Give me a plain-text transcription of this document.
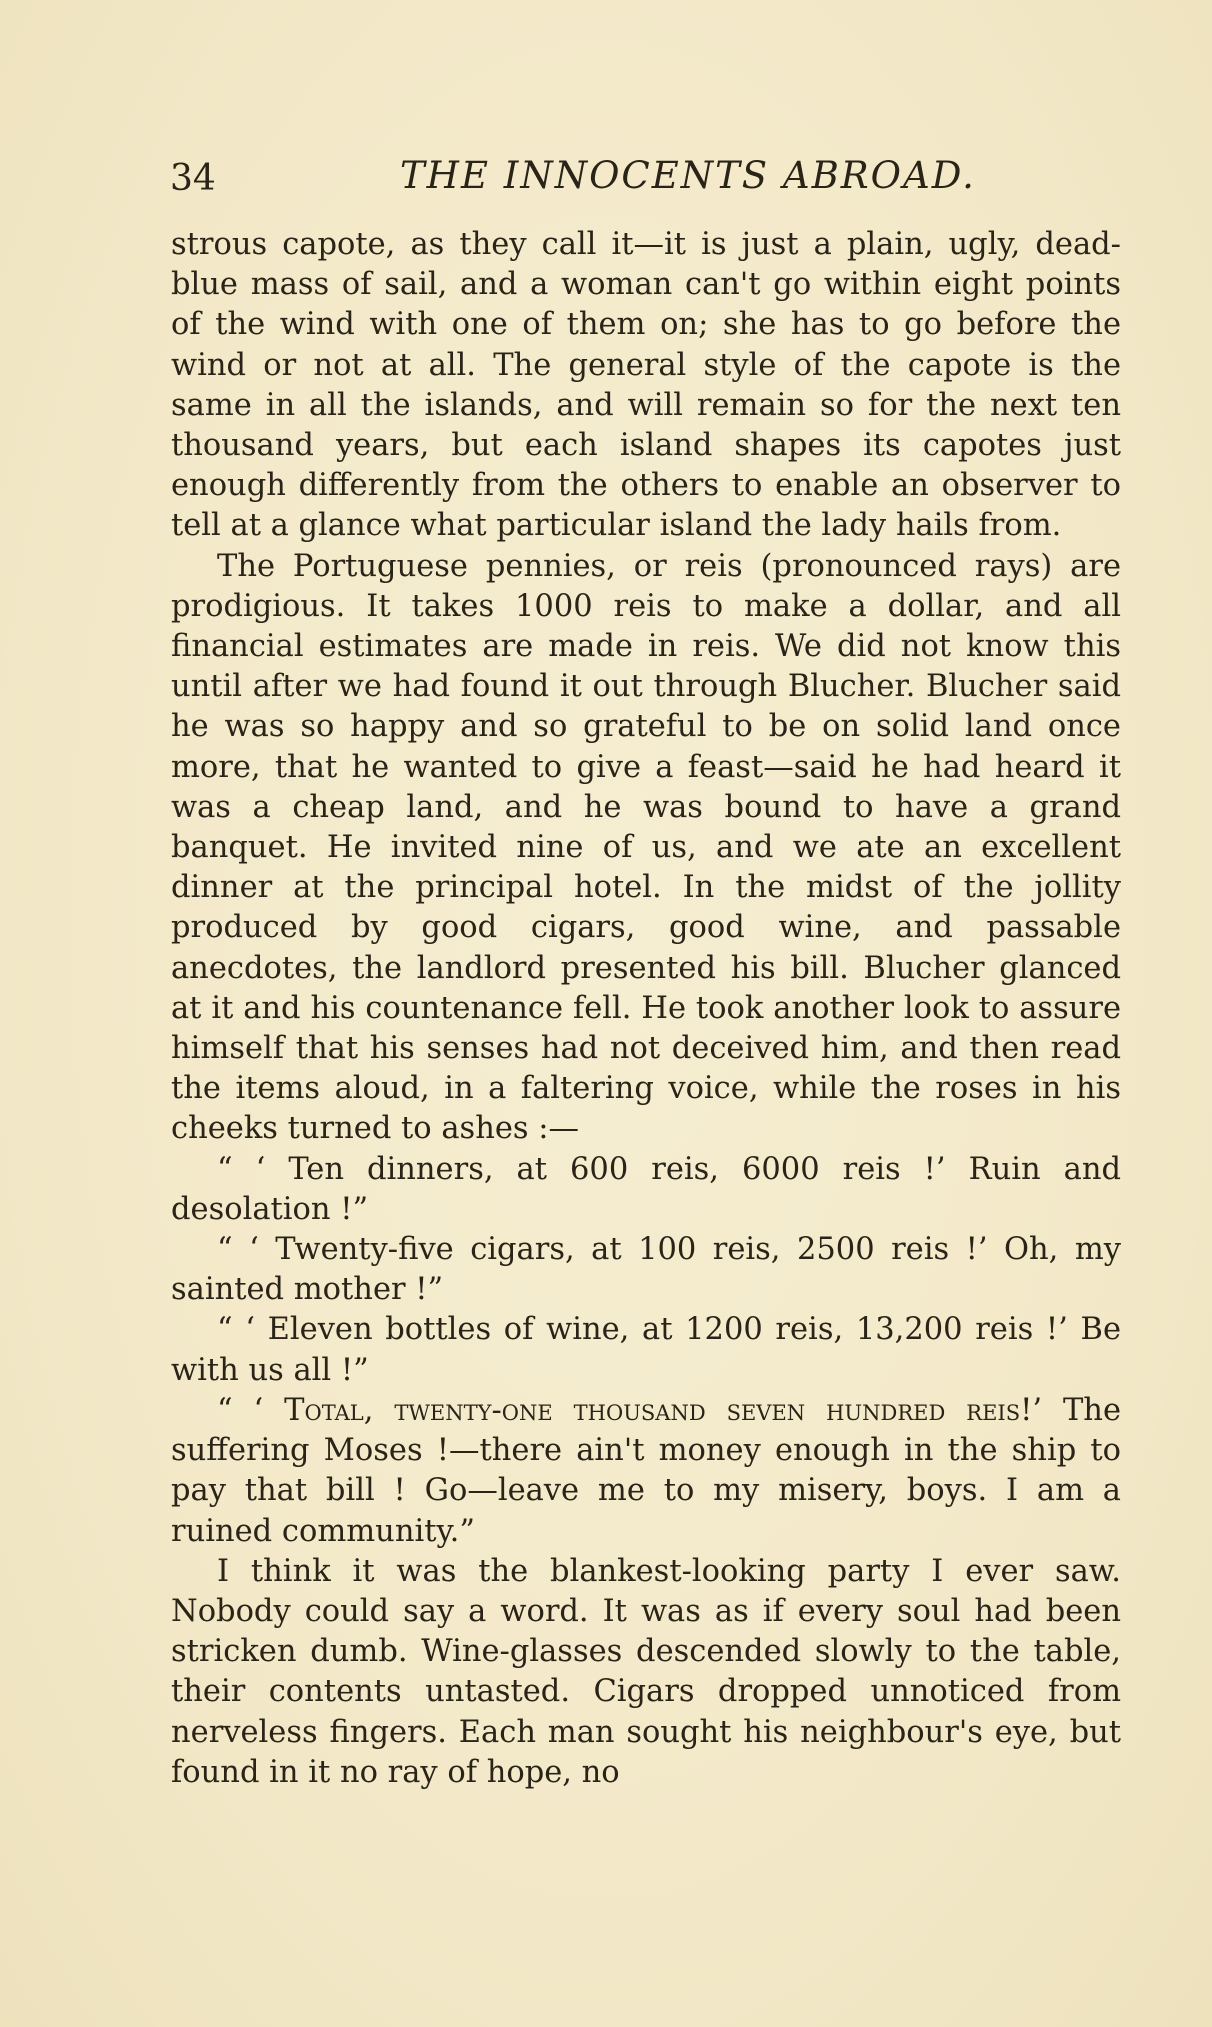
34	THE INNOCENTS ABROAD.

strous capote, as they call it—it is just a plain, ugly, dead-blue mass of sail, and a woman can't go within eight points of the wind with one of them on; she has to go before the wind or not at all. The general style of the capote is the same in all the islands, and will remain so for the next ten thousand years, but each island shapes its capotes just enough differently from the others to enable an observer to tell at a glance what particular island the lady hails from.

The Portuguese pennies, or reis (pronounced rays) are prodigious. It takes 1000 reis to make a dollar, and all financial estimates are made in reis. We did not know this until after we had found it out through Blucher. Blucher said he was so happy and so grateful to be on solid land once more, that he wanted to give a feast—said he had heard it was a cheap land, and he was bound to have a grand banquet. He invited nine of us, and we ate an excellent dinner at the principal hotel. In the midst of the jollity produced by good cigars, good wine, and passable anecdotes, the landlord presented his bill. Blucher glanced at it and his countenance fell. He took another look to assure himself that his senses had not deceived him, and then read the items aloud, in a faltering voice, while the roses in his cheeks turned to ashes :—

“ ‘ Ten dinners, at 600 reis, 6000 reis !’ Ruin and desolation !”

“ ‘ Twenty-five cigars, at 100 reis, 2500 reis !’ Oh, my sainted mother !”

“ ‘ Eleven bottles of wine, at 1200 reis, 13,200 reis !’ Be with us all !”

“ ‘ Total, twenty-one thousand seven hundred reis!’ The suffering Moses !—there ain't money enough in the ship to pay that bill ! Go—leave me to my misery, boys. I am a ruined community.”

I think it was the blankest-looking party I ever saw. Nobody could say a word. It was as if every soul had been stricken dumb. Wine-glasses descended slowly to the table, their contents untasted. Cigars dropped unnoticed from nerveless fingers. Each man sought his neighbour's eye, but found in it no ray of hope, no
